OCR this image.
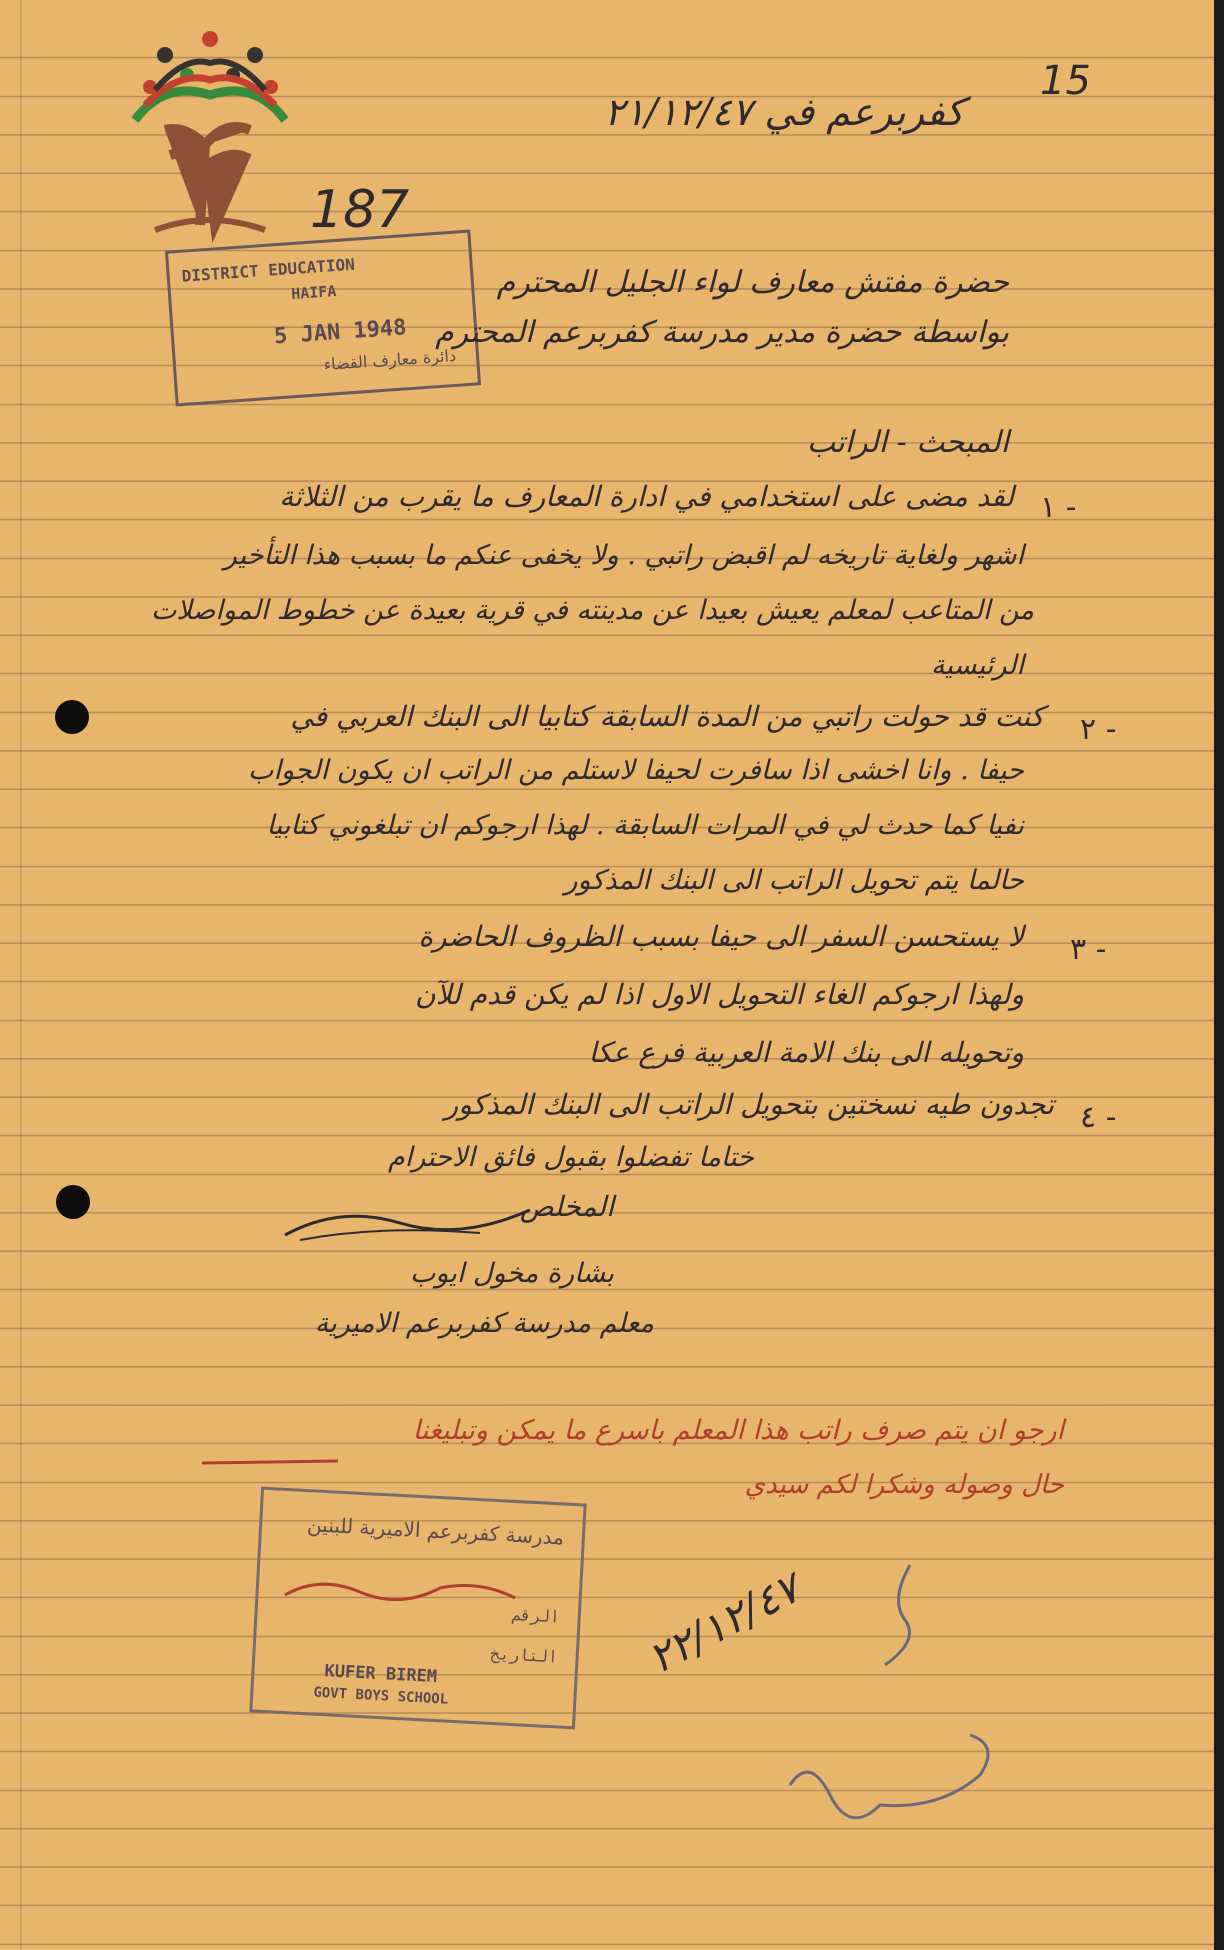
15
كفربرعم في ٢١/١٢/٤٧
187
DISTRICT EDUCATION
HAIFA
5 JAN 1948
دائرة معارف القضاء
حضرة مفتش معارف لواء الجليل المحترم
بواسطة حضرة مدير مدرسة كفربرعم المحترم
المبحث - الراتب
١ -
لقد مضى على استخدامي في ادارة المعارف ما يقرب من الثلاثة
اشهر ولغاية تاريخه لم اقبض راتبي . ولا يخفى عنكم ما بسبب هذا التأخير
من المتاعب لمعلم يعيش بعيدا عن مدينته في قرية بعيدة عن خطوط المواصلات
الرئيسية
٢ -
كنت قد حولت راتبي من المدة السابقة كتابيا الى البنك العربي في
حيفا . وانا اخشى اذا سافرت لحيفا لاستلم من الراتب ان يكون الجواب
نفيا كما حدث لي في المرات السابقة . لهذا ارجوكم ان تبلغوني كتابيا
حالما يتم تحويل الراتب الى البنك المذكور
٣ -
لا يستحسن السفر الى حيفا بسبب الظروف الحاضرة
ولهذا ارجوكم الغاء التحويل الاول اذا لم يكن قدم للآن
وتحويله الى بنك الامة العربية فرع عكا
٤ -
تجدون طيه نسختين بتحويل الراتب الى البنك المذكور
ختاما تفضلوا بقبول فائق الاحترام
المخلص
بشارة مخول ايوب
معلم مدرسة كفربرعم الاميرية
ارجو ان يتم صرف راتب هذا المعلم باسرع ما يمكن وتبليغنا
حال وصوله وشكرا لكم سيدي
مدرسة كفربرعم الاميرية للبنين
الرقم
التاريخ
KUFER BIREM
GOVT BOYS SCHOOL
٢٢/١٢/٤٧
